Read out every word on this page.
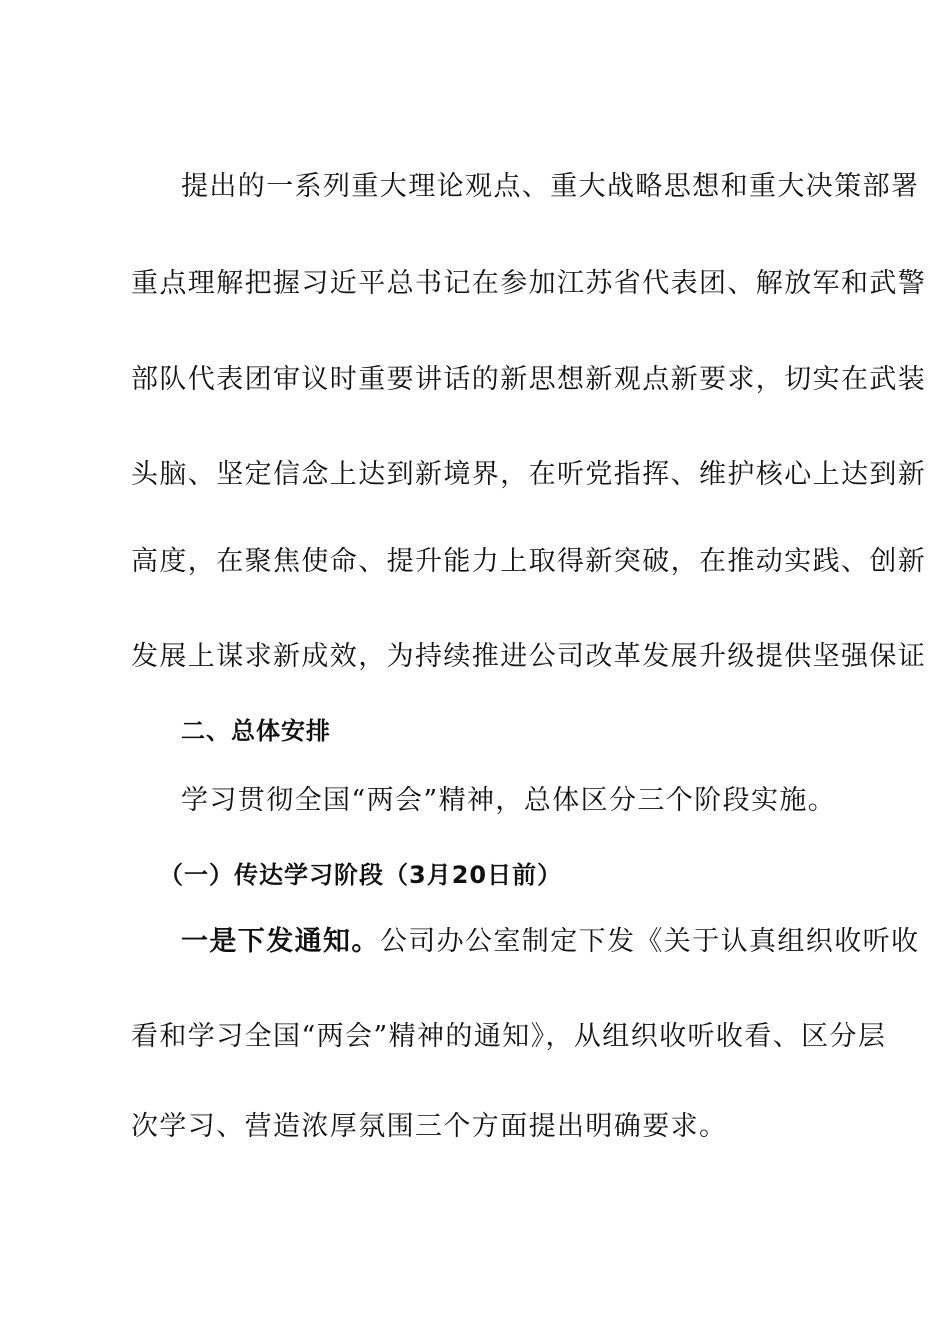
提出的一系列重大理论观点、重大战略思想和重大决策部署
重点理解把握习近平总书记在参加江苏省代表团、解放军和武警
部队代表团审议时重要讲话的新思想新观点新要求，切实在武装
头脑、坚定信念上达到新境界，在听党指挥、维护核心上达到新
高度，在聚焦使命、提升能力上取得新突破，在推动实践、创新
发展上谋求新成效，为持续推进公司改革发展升级提供坚强保证
二、总体安排
学习贯彻全国“两会”精神，总体区分三个阶段实施。
（一）传达学习阶段（3月20日前）
一是下发通知。公司办公室制定下发《关于认真组织收听收
看和学习全国“两会”精神的通知》，从组织收听收看、区分层
次学习、营造浓厚氛围三个方面提出明确要求。
